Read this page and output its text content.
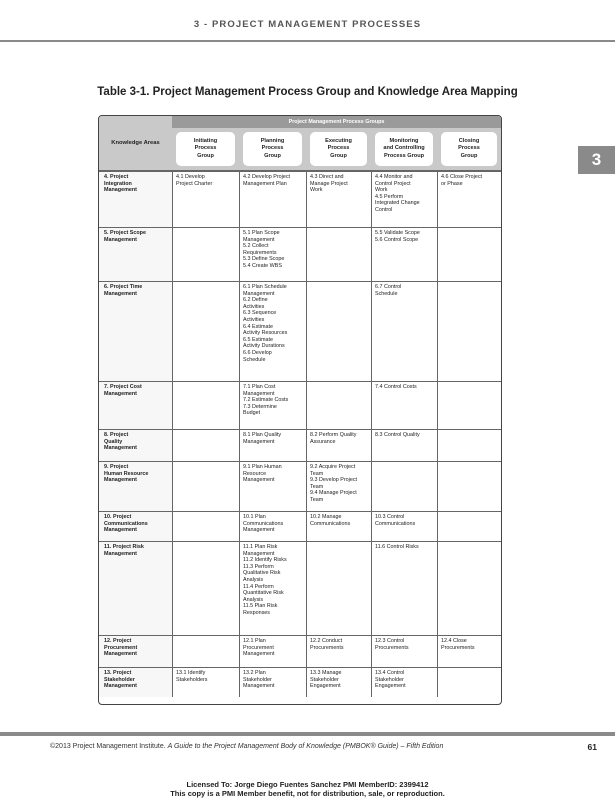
3 - PROJECT MANAGEMENT PROCESSES
3
Table 3-1. Project Management Process Group and Knowledge Area Mapping
Knowledge Areas	Initiating
Process
Group
Planning
Process
Group
Executing
Process
Group
Monitoring
and Controlling
Process Group
Closing
Process
Group
Project Management Process Groups
4. Project
Integration
Management
4.1 Develop
Project Charter
4.2 Develop Project
Management Plan
4.3 Direct and
Manage Project
Work
4.4 Monitor and
Control Project
Work
4.5 Perform
Integrated Change
Control
4.6 Close Project
or Phase
5. Project Scope
Management
5.1 Plan Scope
Management
5.2 Collect
Requirements
5.3 Define Scope
5.4 Create WBS
5.5 Validate Scope
5.6 Control Scope
6. Project Time
Management
6.1 Plan Schedule
Management
6.2 Define
Activities
6.3 Sequence
Activities
6.4 Estimate
Activity Resources
6.5 Estimate
Activity Durations
6.6 Develop
Schedule
6.7 Control
Schedule
7. Project Cost
Management
7.1 Plan Cost
Management
7.2 Estimate Costs
7.3 Determine
Budget
7.4 Control Costs
8. Project
Quality
Management
8.1 Plan Quality
Management
8.2 Perform Quality
Assurance
8.3 Control Quality
9. Project
Human Resource
Management
9.1 Plan Human
Resource
Management
9.2 Acquire Project
Team
9.3 Develop Project
Team
9.4 Manage Project
Team
10. Project
Communications
Management
10.1 Plan
Communications
Management
10.2 Manage
Communications
10.3 Control
Communications
11. Project Risk
Management
11.1 Plan Risk
Management
11.2 Identify Risks
11.3 Perform
Qualitative Risk
Analysis
11.4 Perform
Quantitative Risk
Analysis
11.5 Plan Risk
Responses
11.6 Control Risks
12. Project
Procurement
Management
12.1 Plan
Procurement
Management
12.2 Conduct
Procurements
12.3 Control
Procurements
12.4 Close
Procurements
13. Project
Stakeholder
Management
13.1 Identify
Stakeholders
13.2 Plan
Stakeholder
Management
13.3 Manage
Stakeholder
Engagement
13.4 Control
Stakeholder
Engagement
©2013 Project Management Institute. A Guide to the Project Management Body of Knowledge (PMBOK® Guide) – Fifth Edition	61
Licensed To: Jorge Diego Fuentes Sanchez PMI MemberID: 2399412
This copy is a PMI Member benefit, not for distribution, sale, or reproduction.
